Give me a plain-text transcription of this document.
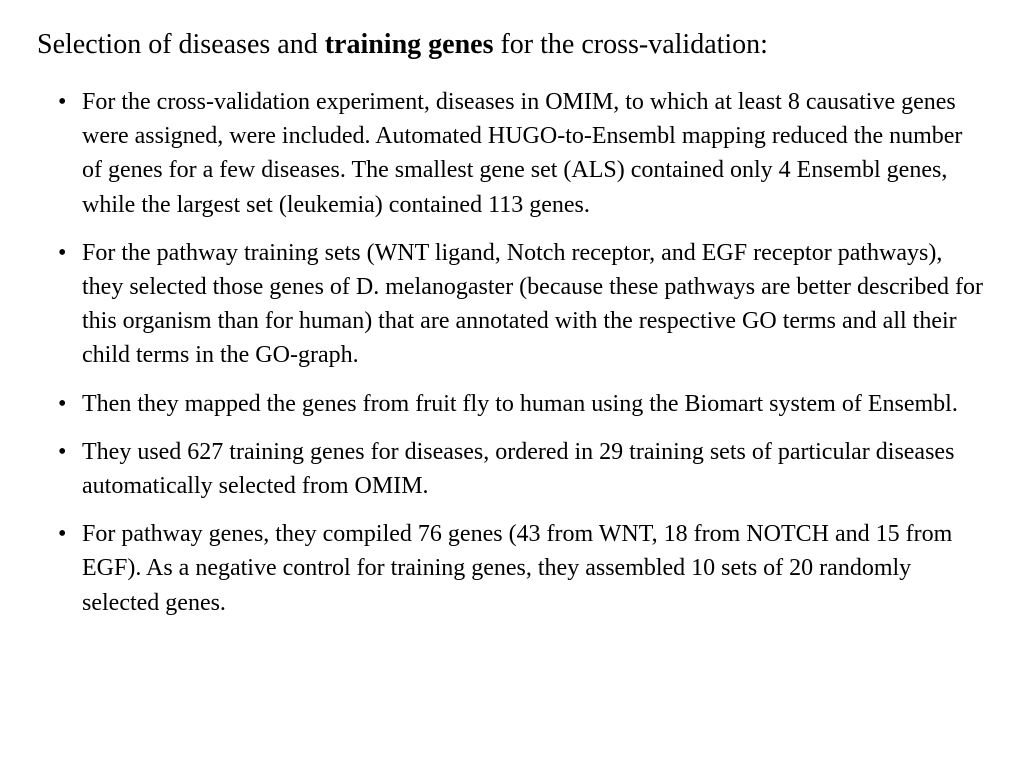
Selection of diseases and training genes for the cross-validation:
• For the cross-validation experiment, diseases in OMIM, to which at least 8 causative genes were assigned, were included. Automated HUGO-to-Ensembl mapping reduced the number of genes for a few diseases. The smallest gene set (ALS) contained only 4 Ensembl genes, while the largest set (leukemia) contained 113 genes.
• For the pathway training sets (WNT ligand, Notch receptor, and EGF receptor pathways), they selected those genes of D. melanogaster (because these pathways are better described for this organism than for human) that are annotated with the respective GO terms and all their child terms in the GO-graph.
• Then they mapped the genes from fruit fly to human using the Biomart system of Ensembl.
• They used 627 training genes for diseases, ordered in 29 training sets of particular diseases automatically selected from OMIM.
• For pathway genes, they compiled 76 genes (43 from WNT, 18 from NOTCH and 15 from EGF). As a negative control for training genes, they assembled 10 sets of 20 randomly selected genes.
